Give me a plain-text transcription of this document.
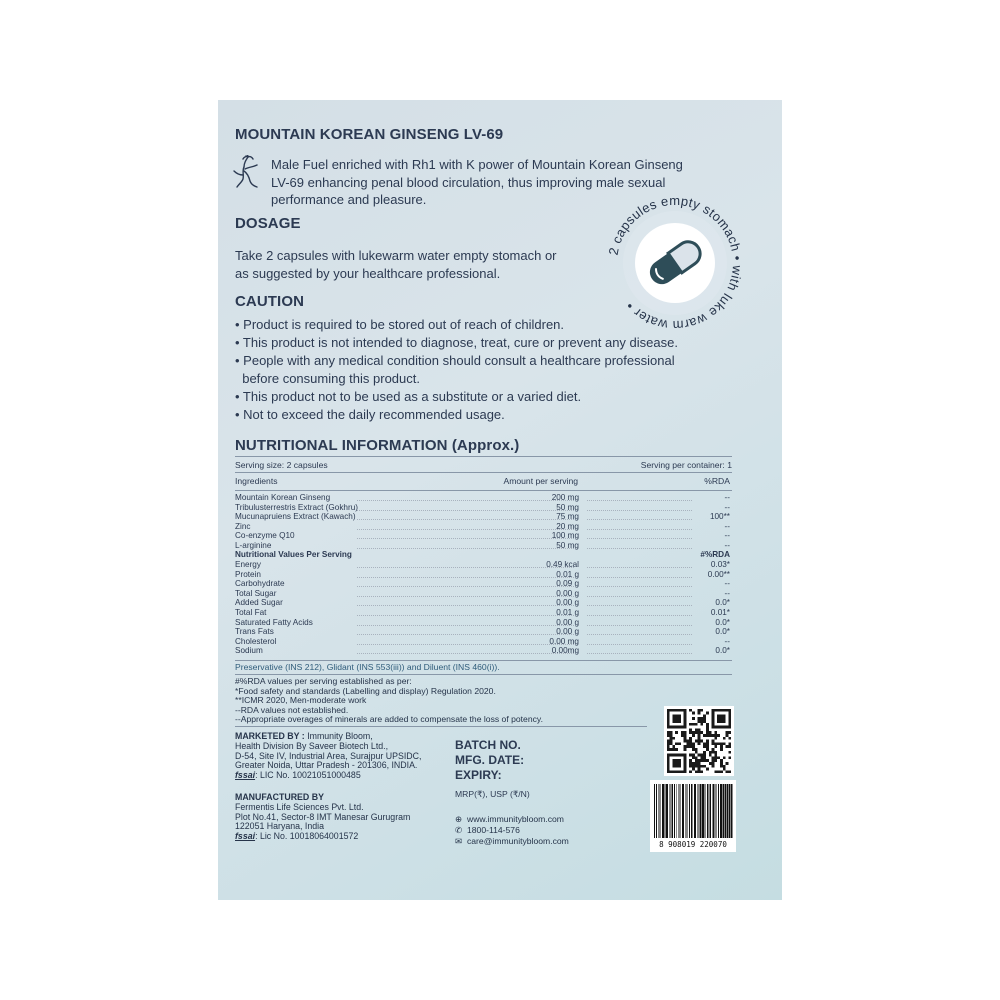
MOUNTAIN KOREAN GINSENG LV-69
Male Fuel enriched with Rh1 with K power of Mountain Korean Ginseng
LV-69 enhancing penal blood circulation, thus improving male sexual
performance and pleasure.
DOSAGE
Take 2 capsules with lukewarm water empty stomach or
as suggested by your healthcare professional.
2 capsules empty stomach • with luke warm water •
CAUTION
• Product is required to be stored out of reach of children.
• This product is not intended to diagnose, treat, cure or prevent any disease.
• People with any medical condition should consult a healthcare professional
before consuming this product.
• This product not to be used as a substitute or a varied diet.
• Not to exceed the daily recommended usage.
NUTRITIONAL INFORMATION (Approx.)
Serving size: 2 capsules	Serving per container: 1
Ingredients	Amount per serving	%RDA
Mountain Korean Ginseng	200 mg	--
Tribulusterrestris Extract (Gokhru)	50 mg	--
Mucunapruiens Extract (Kawach)	75 mg	100**
Zinc	20 mg	--
Co-enzyme Q10	100 mg	--
L-arginine	50 mg	--
Nutritional Values Per Serving	#%RDA
Energy	0.49 kcal	0.03*
Protein	0.01 g	0.00**
Carbohydrate	0.09 g	--
Total Sugar	0.00 g	--
Added Sugar	0.00 g	0.0*
Total Fat	0.01 g	0.01*
Saturated Fatty Acids	0.00 g	0.0*
Trans Fats	0.00 g	0.0*
Cholesterol	0.00 mg	--
Sodium	0.00mg	0.0*
Preservative (INS 212), Glidant (INS 553(iii)) and Diluent (INS 460(i)).
#%RDA values per serving established as per:
*Food safety and standards (Labelling and display) Regulation 2020.
**ICMR 2020, Men-moderate work
--RDA values not established.
--Appropriate overages of minerals are added to compensate the loss of potency.
MARKETED BY : Immunity Bloom,
Health Division By Saveer Biotech Ltd.,
D-54, Site IV, Industrial Area, Surajpur UPSIDC,
Greater Noida, Uttar Pradesh - 201306, INDIA.
fssai: LIC No. 10021051000485
MANUFACTURED BY
Fermentis Life Sciences Pvt. Ltd.
Plot No.41, Sector-8 IMT Manesar Gurugram
122051 Haryana, India
fssai: Lic No. 10018064001572
BATCH NO.
MFG. DATE:
EXPIRY:
MRP(₹), USP (₹/N)
⊕ www.immunitybloom.com
✆ 1800-114-576
✉ care@immunitybloom.com	8 908019 220070
